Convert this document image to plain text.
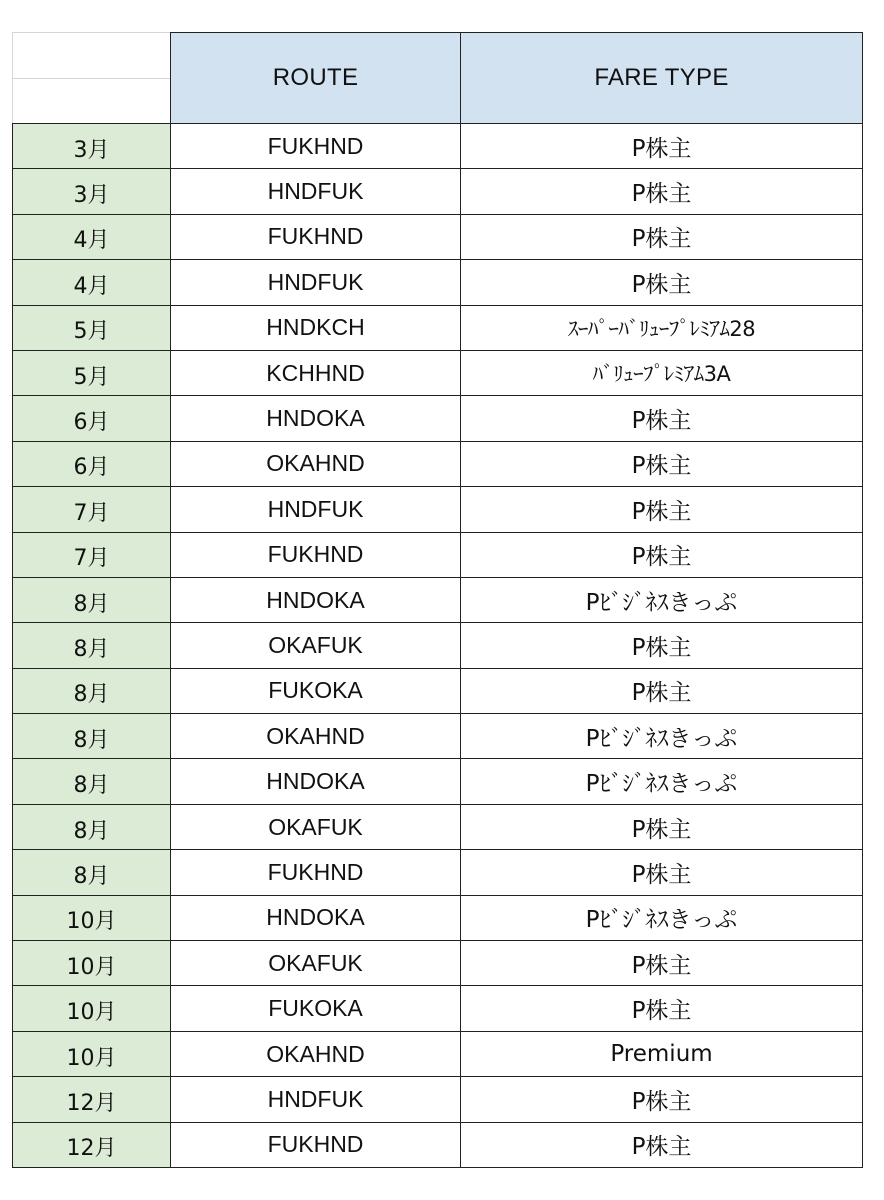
	ROUTE	FARE TYPE
3月	FUKHND	P株主
3月	HNDFUK	P株主
4月	FUKHND	P株主
4月	HNDFUK	P株主
5月	HNDKCH	ｽｰﾊﾟｰﾊﾞﾘｭｰﾌﾟﾚﾐｱﾑ28
5月	KCHHND	ﾊﾞﾘｭｰﾌﾟﾚﾐｱﾑ3A
6月	HNDOKA	P株主
6月	OKAHND	P株主
7月	HNDFUK	P株主
7月	FUKHND	P株主
8月	HNDOKA	Pﾋﾞｼﾞﾈｽきっぷ
8月	OKAFUK	P株主
8月	FUKOKA	P株主
8月	OKAHND	Pﾋﾞｼﾞﾈｽきっぷ
8月	HNDOKA	Pﾋﾞｼﾞﾈｽきっぷ
8月	OKAFUK	P株主
8月	FUKHND	P株主
10月	HNDOKA	Pﾋﾞｼﾞﾈｽきっぷ
10月	OKAFUK	P株主
10月	FUKOKA	P株主
10月	OKAHND	Premium
12月	HNDFUK	P株主
12月	FUKHND	P株主
